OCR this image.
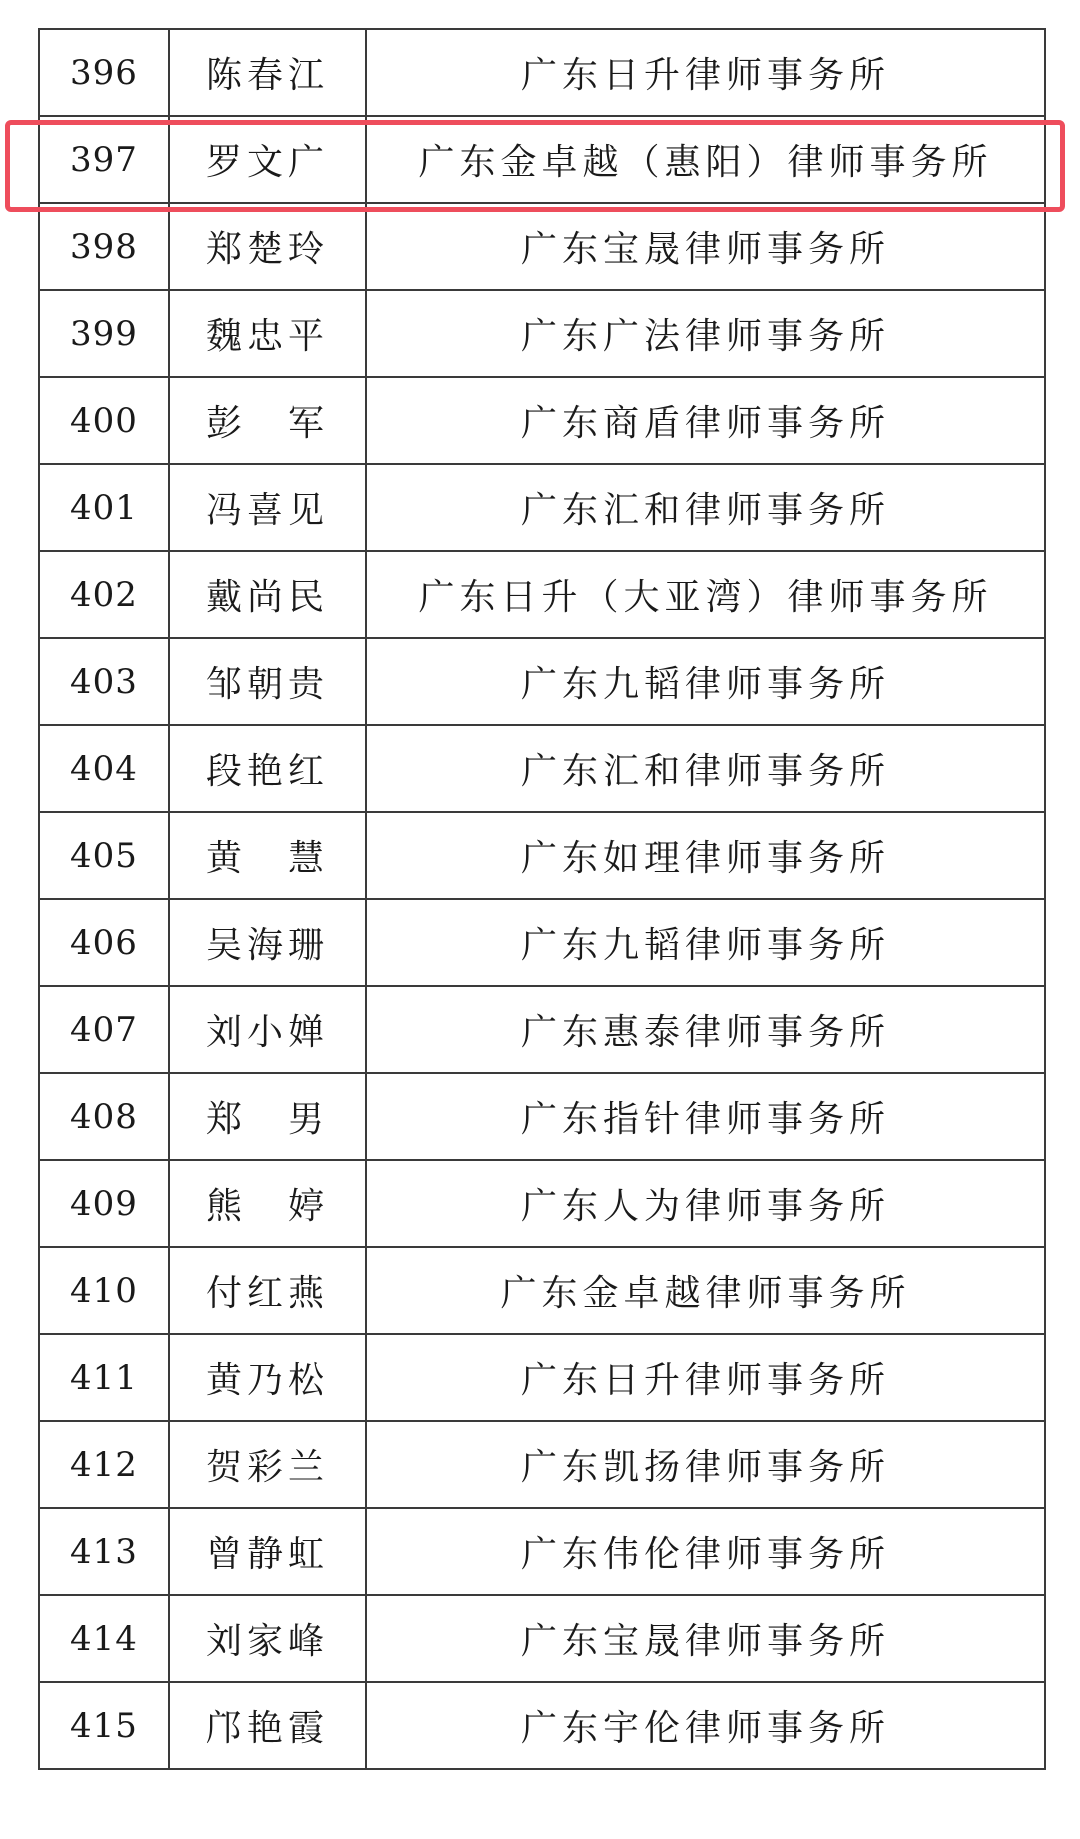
396	陈春江	广东日升律师事务所
397	罗文广	广东金卓越（惠阳）律师事务所
398	郑楚玲	广东宝晟律师事务所
399	魏忠平	广东广法律师事务所
400	彭　军	广东商盾律师事务所
401	冯喜见	广东汇和律师事务所
402	戴尚民	广东日升（大亚湾）律师事务所
403	邹朝贵	广东九韬律师事务所
404	段艳红	广东汇和律师事务所
405	黄　慧	广东如理律师事务所
406	吴海珊	广东九韬律师事务所
407	刘小婵	广东惠泰律师事务所
408	郑　男	广东指针律师事务所
409	熊　婷	广东人为律师事务所
410	付红燕	广东金卓越律师事务所
411	黄乃松	广东日升律师事务所
412	贺彩兰	广东凯扬律师事务所
413	曾静虹	广东伟伦律师事务所
414	刘家峰	广东宝晟律师事务所
415	邝艳霞	广东宇伦律师事务所
